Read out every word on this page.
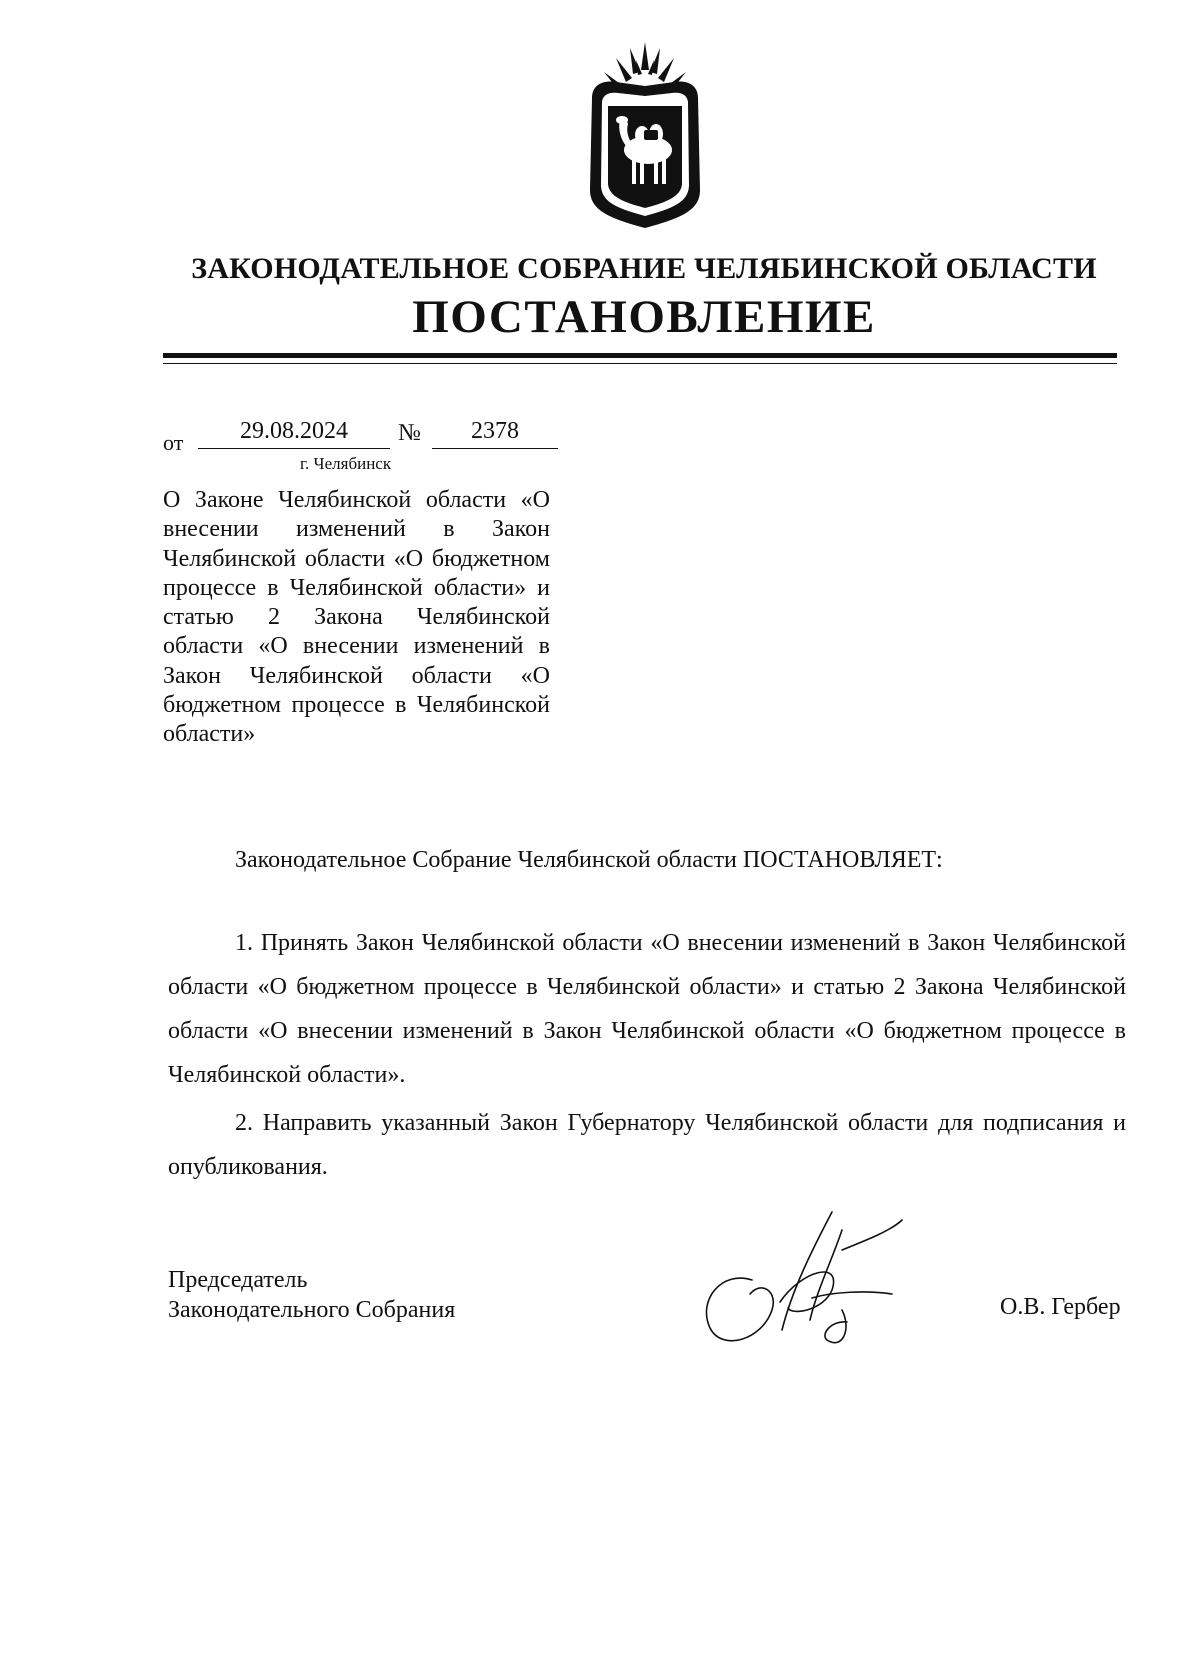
ЗАКОНОДАТЕЛЬНОЕ СОБРАНИЕ ЧЕЛЯБИНСКОЙ ОБЛАСТИ
ПОСТАНОВЛЕНИЕ
от	29.08.2024	№	2378
г. Челябинск

О Законе Челябинской области «О внесении изменений в Закон Челябинской области «О бюджетном процессе в Челябинской области» и статью 2 Закона Челябинской области «О внесении изменений в Закон Челябинской области «О бюджетном процессе в Челябинской области»

Законодательное Собрание Челябинской области ПОСТАНОВЛЯЕТ:

1. Принять Закон Челябинской области «О внесении изменений в Закон Челябинской области «О бюджетном процессе в Челябинской области» и статью 2 Закона Челябинской области «О внесении изменений в Закон Челябинской области «О бюджетном процессе в Челябинской области».

2. Направить указанный Закон Губернатору Челябинской области для подписания и опубликования.

Председатель
Законодательного Собрания	О.В. Гербер
